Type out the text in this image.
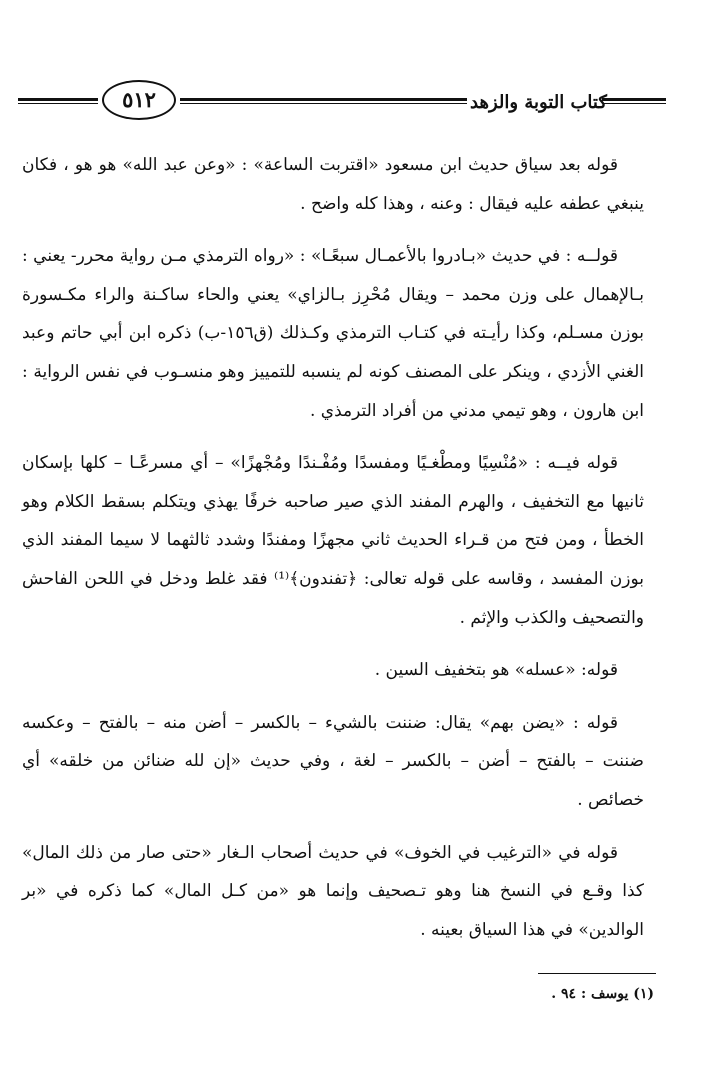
٥١٢	كتاب التوبة والزهد

قوله بعد سياق حديث ابن مسعود «اقتربت الساعة» : «وعن عبد الله» هو هو ، فكان ينبغي عطفه عليه فيقال : وعنه ، وهذا كله واضح .

قولــه : في حديث «بـادروا بالأعمـال سبعًـا» : «رواه الترمذي مـن رواية محرر- يعني : بـالإهمال على وزن محمد – ويقال مُحْرِز بـالزاي» يعني والحاء ساكـنة والراء مكـسورة بوزن مسـلم، وكذا رأيـته في كتـاب الترمذي وكـذلك (ق١٥٦-ب) ذكره ابن أبي حاتم وعبد الغني الأزدي ، وينكر على المصنف كونه لم ينسبه للتمييز وهو منسـوب في نفس الرواية : ابن هارون ، وهو تيمي مدني من أفراد الترمذي .

قوله فيــه : «مُنْسِيًا ومطْغـيًا ومفسدًا ومُفْـندًا ومُجْهزًا» – أي مسرعًـا – كلها بإسكان ثانيها مع التخفيف ، والهرم المفند الذي صير صاحبه خرفًا يهذي ويتكلم بسقط الكلام وهو الخطأ ، ومن فتح من قـراء الحديث ثاني مجهزًا ومفندًا وشدد ثالثهما لا سيما المفند الذي بوزن المفسد ، وقاسه على قوله تعالى: ﴿تفندون﴾⁽¹⁾ فقد غلط ودخل في اللحن الفاحش والتصحيف والكذب والإثم .

قوله: «عسله» هو بتخفيف السين .

قوله : «يضن بهم» يقال: ضننت بالشيء – بالكسر – أضن منه – بالفتح – وعكسه ضننت – بالفتح – أضن – بالكسر – لغة ، وفي حديث «إن لله ضنائن من خلقه» أي خصائص .

قوله في «الترغيب في الخوف» في حديث أصحاب الـغار «حتى صار من ذلك المال» كذا وقـع في النسخ هنا وهو تـصحيف وإنما هو «من كـل المال» كما ذكره في «بر الوالدين» في هذا السياق بعينه .

(١) يوسف : ٩٤ .
